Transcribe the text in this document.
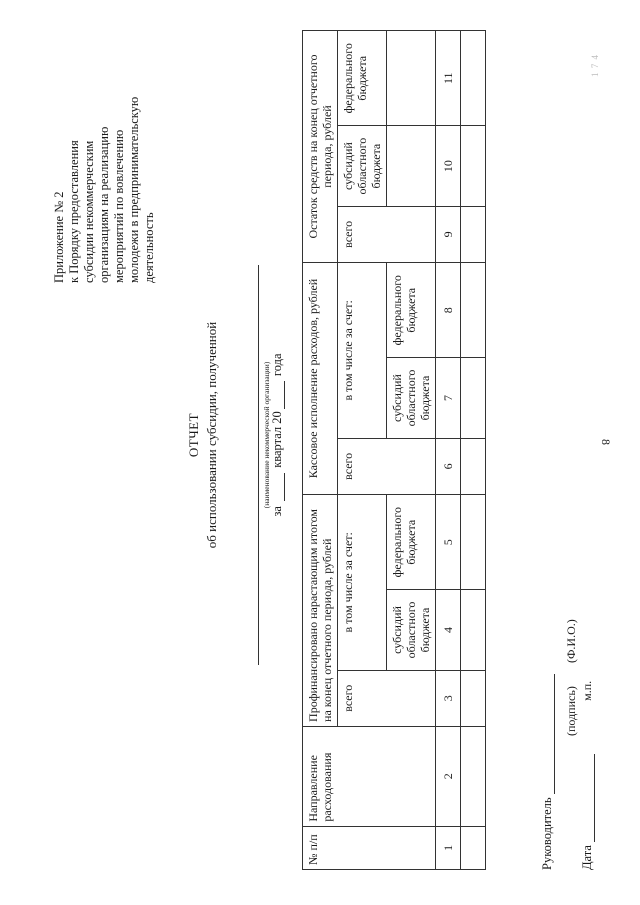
8
1 7 4
Приложение № 2 к Порядку предоставления субсидии некоммерческим организациям на реализацию мероприятий по вовлечению молодежи в предпринимательскую деятельность
ОТЧЕТ об использовании субсидии, полученной	(наименование некоммерческой организации)
за  квартал 20 года
№ п/п	Направление расходования	Профинансировано нарастающим итогом на конец отчетного периода, рублей			Кассовое исполнение расходов, рублей			Остаток средств на конец отчетного периода, рублей		
		всего	в том числе за счет:		всего	в том числе за счет:		всего	субсидий областного бюджета	федерального бюджета
			субсидий областного бюджета	федерального бюджета		субсидий областного бюджета	федерального бюджета			
1	2	3	4	5	6	7	8	9	10	11

Руководитель
(подпись) (Ф.И.О.)
Дата  м.п.
